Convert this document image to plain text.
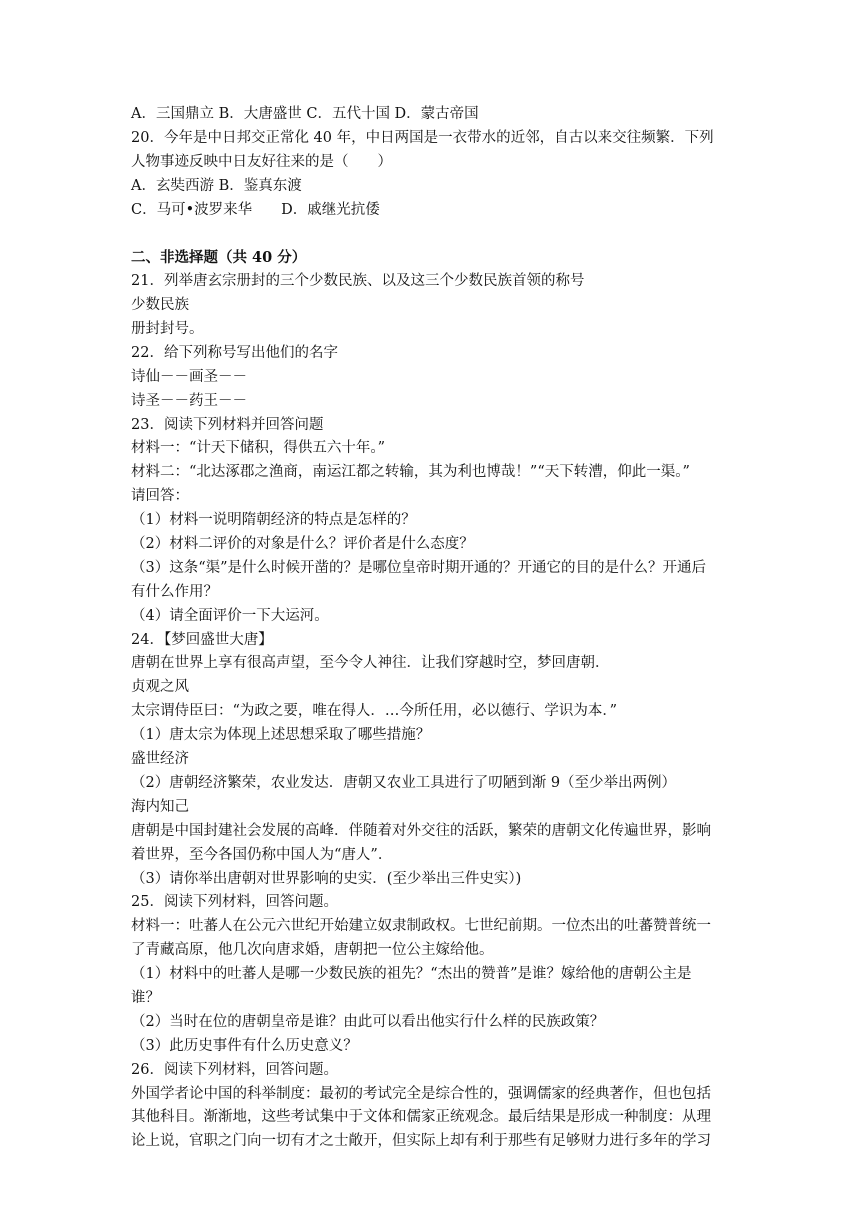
A．三国鼎立 B．大唐盛世 C．五代十国 D．蒙古帝国
20．今年是中日邦交正常化 40 年，中日两国是一衣带水的近邻，自古以来交往频繁．下列
人物事迹反映中日友好往来的是（　　）
A．玄奘西游 B．鉴真东渡
C．马可•波罗来华　　D．戚继光抗倭
二、非选择题（共 40 分）
21．列举唐玄宗册封的三个少数民族、以及这三个少数民族首领的称号
少数民族
册封封号。
22．给下列称号写出他们的名字
诗仙－－画圣－－
诗圣－－药王－－
23．阅读下列材料并回答问题
材料一：“计天下储积，得供五六十年。”
材料二：“北达涿郡之渔商，南运江都之转输，其为利也博哉！”“天下转漕，仰此一渠。”
请回答：
（1）材料一说明隋朝经济的特点是怎样的？
（2）材料二评价的对象是什么？评价者是什么态度？
（3）这条“渠”是什么时候开凿的？是哪位皇帝时期开通的？开通它的目的是什么？开通后
有什么作用？
（4）请全面评价一下大运河。
24．【梦回盛世大唐】
唐朝在世界上享有很高声望，至今令人神往．让我们穿越时空，梦回唐朝．
贞观之风
太宗谓侍臣曰：“为政之要，唯在得人．…今所任用，必以德行、学识为本．”
（1）唐太宗为体现上述思想采取了哪些措施？
盛世经济
（2）唐朝经济繁荣，农业发达．唐朝又农业工具进行了叨陋到渐 9（至少举出两例）
海内知己
唐朝是中国封建社会发展的高峰．伴随着对外交往的活跃，繁荣的唐朝文化传遍世界，影响
着世界，至今各国仍称中国人为“唐人”．
（3）请你举出唐朝对世界影响的史实．(至少举出三件史实）)
25．阅读下列材料，回答问题。
材料一：吐蕃人在公元六世纪开始建立奴隶制政权。七世纪前期。一位杰出的吐蕃赞普统一
了青藏高原，他几次向唐求婚，唐朝把一位公主嫁给他。
（1）材料中的吐蕃人是哪一少数民族的祖先？“杰出的赞普”是谁？嫁给他的唐朝公主是
谁？
（2）当时在位的唐朝皇帝是谁？由此可以看出他实行什么样的民族政策？
（3）此历史事件有什么历史意义？
26．阅读下列材料，回答问题。
外国学者论中国的科举制度：最初的考试完全是综合性的，强调儒家的经典著作，但也包括
其他科目。渐渐地，这些考试集中于文体和儒家正统观念。最后结果是形成一种制度：从理
论上说，官职之门向一切有才之士敞开，但实际上却有利于那些有足够财力进行多年的学习
